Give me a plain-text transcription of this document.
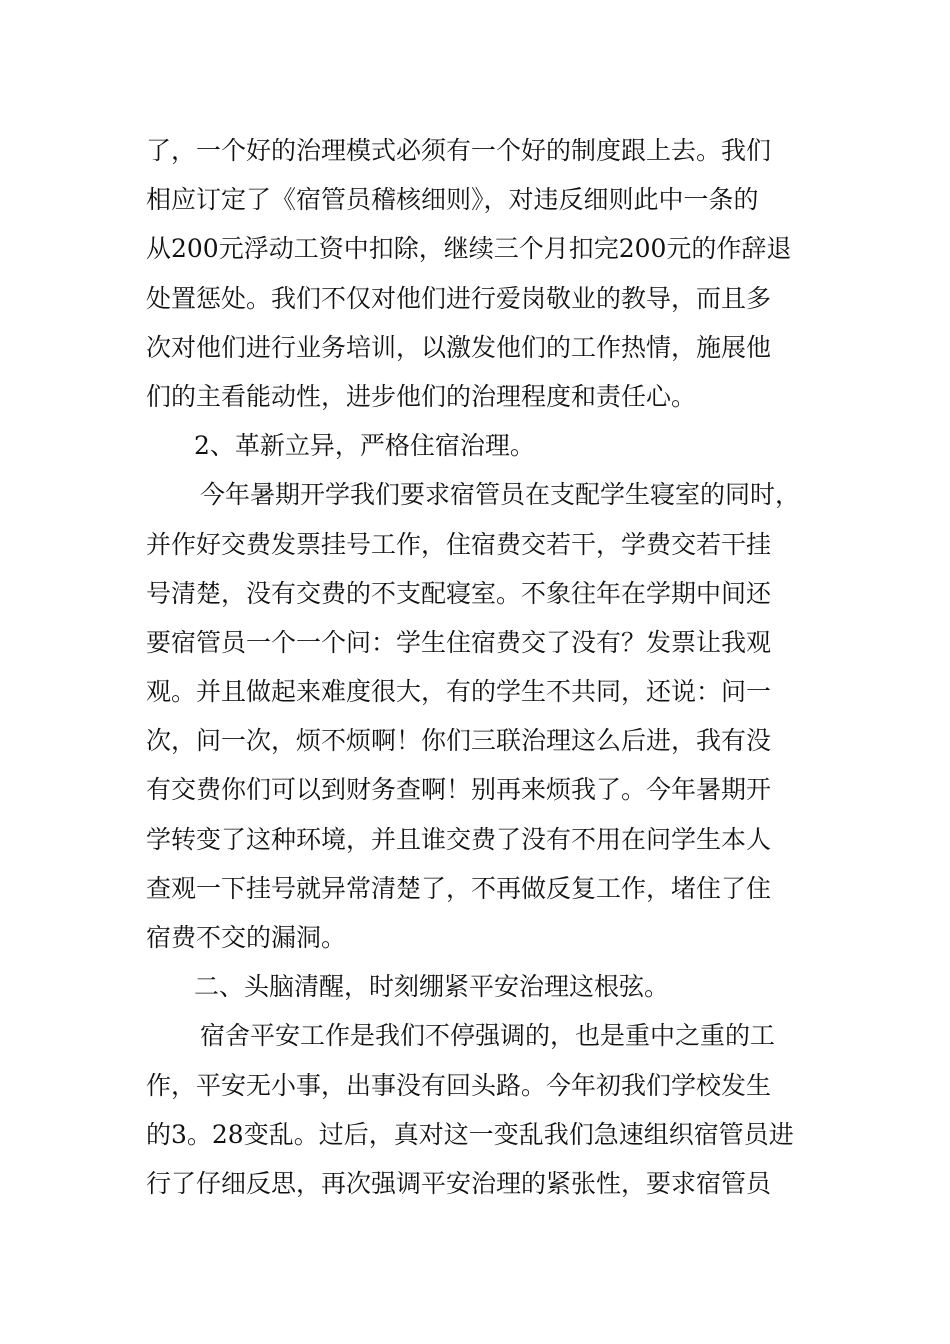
了，一个好的治理模式必须有一个好的制度跟上去。我们
相应订定了《宿管员稽核细则》，对违反细则此中一条的
从200元浮动工资中扣除，继续三个月扣完200元的作辞退
处置惩处。我们不仅对他们进行爱岗敬业的教导，而且多
次对他们进行业务培训，以激发他们的工作热情，施展他
们的主看能动性，进步他们的治理程度和责任心。
2、革新立异，严格住宿治理。
今年暑期开学我们要求宿管员在支配学生寝室的同时，
并作好交费发票挂号工作，住宿费交若干，学费交若干挂
号清楚，没有交费的不支配寝室。不象往年在学期中间还
要宿管员一个一个问：学生住宿费交了没有？发票让我观
观。并且做起来难度很大，有的学生不共同，还说：问一
次，问一次，烦不烦啊！你们三联治理这么后进，我有没
有交费你们可以到财务查啊！别再来烦我了。今年暑期开
学转变了这种环境，并且谁交费了没有不用在问学生本人
查观一下挂号就异常清楚了，不再做反复工作，堵住了住
宿费不交的漏洞。
二、头脑清醒，时刻绷紧平安治理这根弦。
宿舍平安工作是我们不停强调的，也是重中之重的工
作，平安无小事，出事没有回头路。今年初我们学校发生
的3。28变乱。过后，真对这一变乱我们急速组织宿管员进
行了仔细反思，再次强调平安治理的紧张性，要求宿管员
